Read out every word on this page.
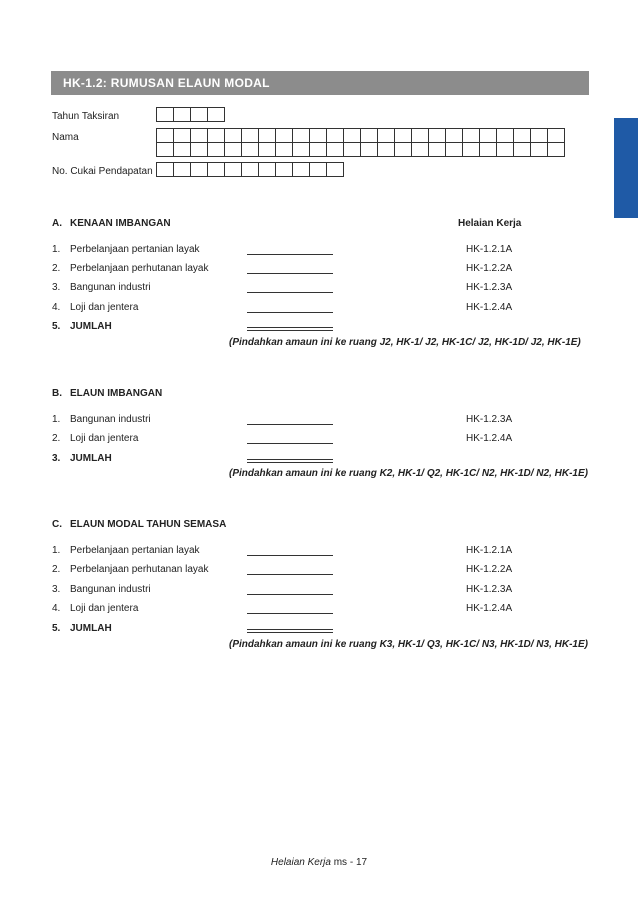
HK-1.2: RUMUSAN ELAUN MODAL
Tahun Taksiran
Nama
No. Cukai Pendapatan
A. KENAAN IMBANGAN	Helaian Kerja
1. Perbelanjaan pertanian layak	HK-1.2.1A
2. Perbelanjaan perhutanan layak	HK-1.2.2A
3. Bangunan industri	HK-1.2.3A
4. Loji dan jentera	HK-1.2.4A
5. JUMLAH
(Pindahkan amaun ini ke ruang J2, HK-1/ J2, HK-1C/ J2, HK-1D/ J2, HK-1E)
B. ELAUN IMBANGAN
1. Bangunan industri	HK-1.2.3A
2. Loji dan jentera	HK-1.2.4A
3. JUMLAH
(Pindahkan amaun ini ke ruang K2, HK-1/ Q2, HK-1C/ N2, HK-1D/ N2, HK-1E)
C. ELAUN MODAL TAHUN SEMASA
1. Perbelanjaan pertanian layak	HK-1.2.1A
2. Perbelanjaan perhutanan layak	HK-1.2.2A
3. Bangunan industri	HK-1.2.3A
4. Loji dan jentera	HK-1.2.4A
5. JUMLAH
(Pindahkan amaun ini ke ruang K3, HK-1/ Q3, HK-1C/ N3, HK-1D/ N3, HK-1E)
Helaian Kerja ms - 17
